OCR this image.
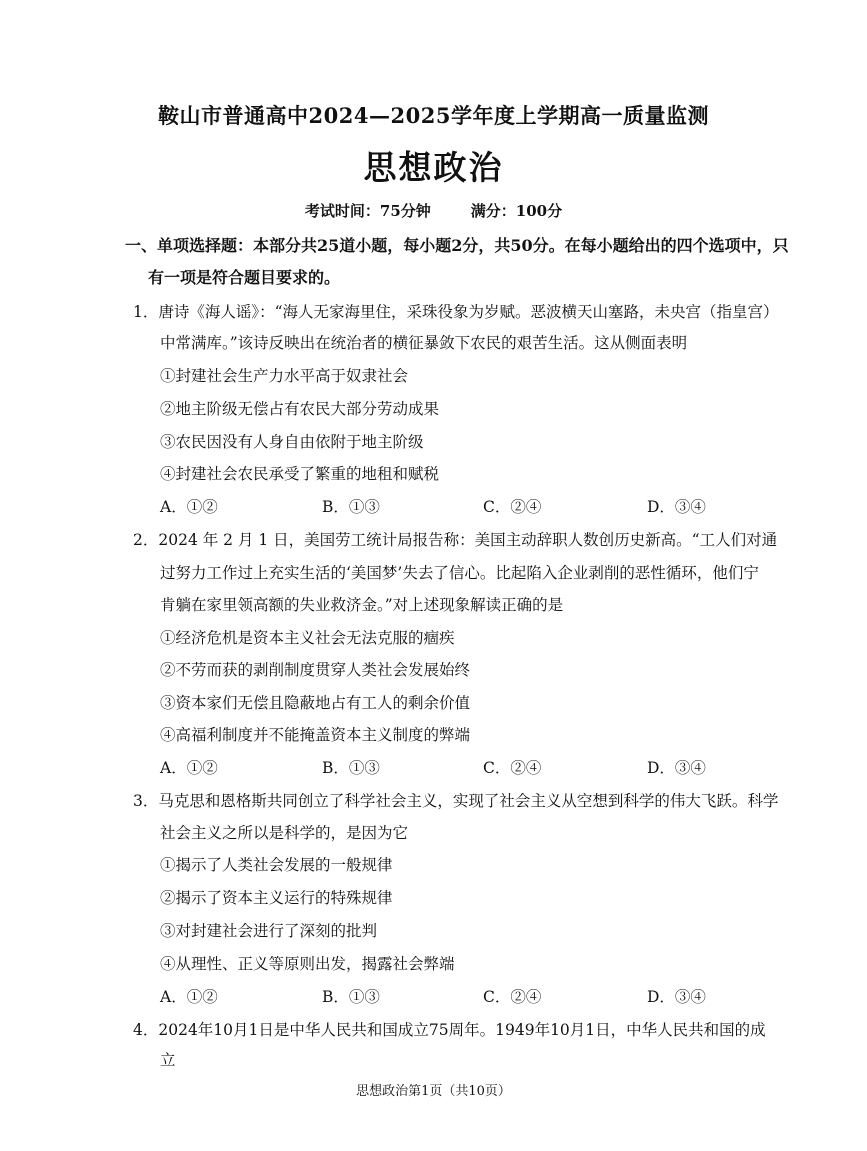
鞍山市普通高中2024—2025学年度上学期高一质量监测
思想政治
考试时间：75分钟	满分：100分
一、单项选择题：本部分共25道小题，每小题2分，共50分。在每小题给出的四个选项中，只
有一项是符合题目要求的。
1．唐诗《海人谣》：“海人无家海里住，采珠役象为岁赋。恶波横天山塞路，未央宫（指皇宫）
中常满库。”该诗反映出在统治者的横征暴敛下农民的艰苦生活。这从侧面表明
①封建社会生产力水平高于奴隶社会
②地主阶级无偿占有农民大部分劳动成果
③农民因没有人身自由依附于地主阶级
④封建社会农民承受了繁重的地租和赋税
A．①②	B．①③	C．②④	D．③④
2．2024 年 2 月 1 日，美国劳工统计局报告称：美国主动辞职人数创历史新高。“工人们对通
过努力工作过上充实生活的‘美国梦’失去了信心。比起陷入企业剥削的恶性循环，他们宁
肯躺在家里领高额的失业救济金。”对上述现象解读正确的是
①经济危机是资本主义社会无法克服的痼疾
②不劳而获的剥削制度贯穿人类社会发展始终
③资本家们无偿且隐蔽地占有工人的剩余价值
④高福利制度并不能掩盖资本主义制度的弊端
A．①②	B．①③	C．②④	D．③④
3．马克思和恩格斯共同创立了科学社会主义，实现了社会主义从空想到科学的伟大飞跃。科学
社会主义之所以是科学的，是因为它
①揭示了人类社会发展的一般规律
②揭示了资本主义运行的特殊规律
③对封建社会进行了深刻的批判
④从理性、正义等原则出发，揭露社会弊端
A．①②	B．①③	C．②④	D．③④
4．2024年10月1日是中华人民共和国成立75周年。1949年10月1日，中华人民共和国的成
立
思想政治第1页（共10页）
